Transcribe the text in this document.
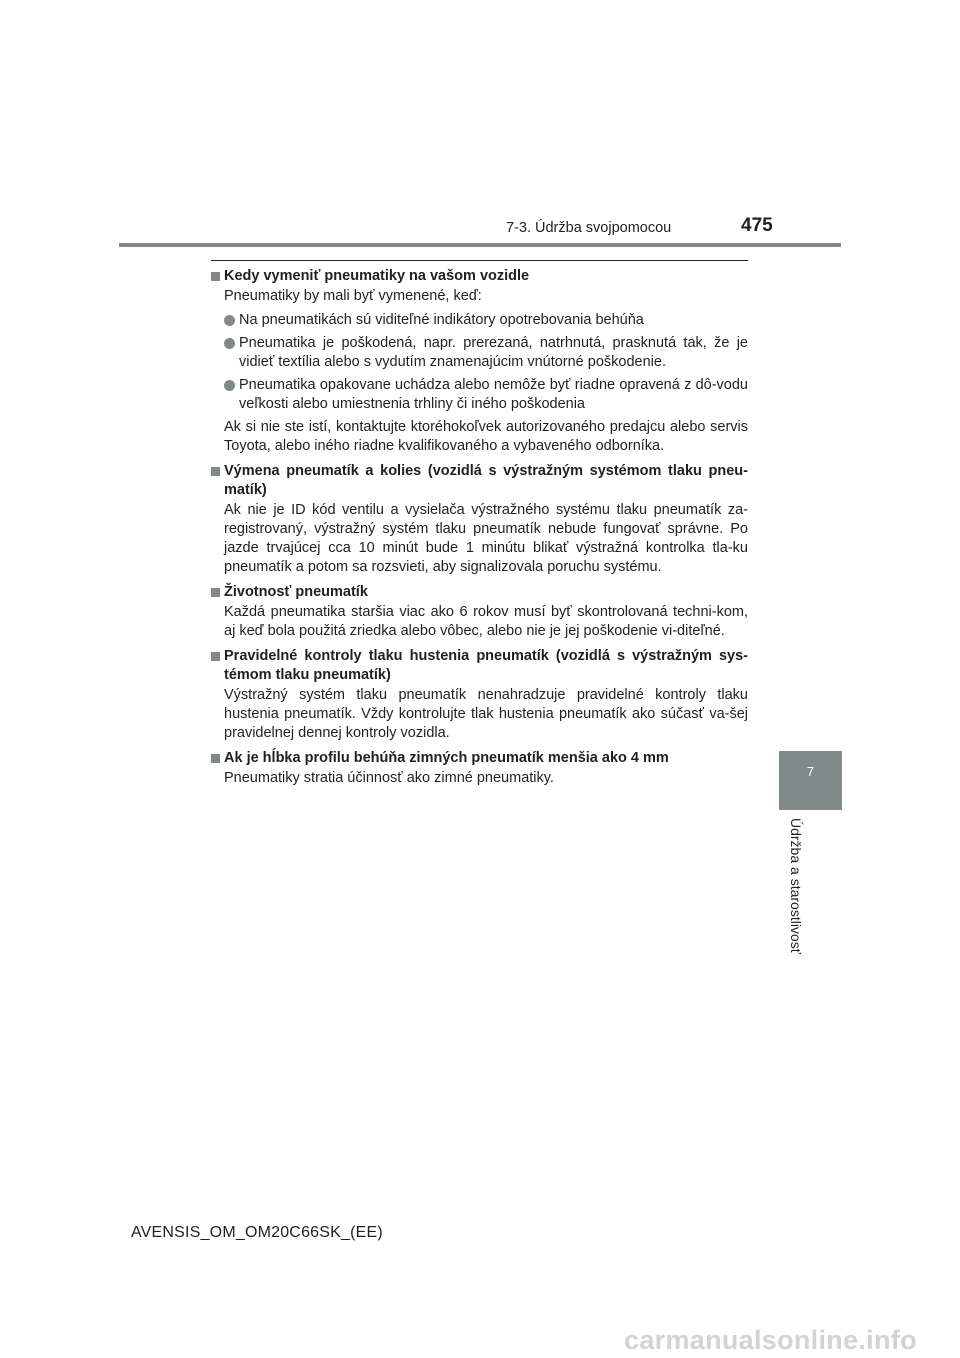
7-3. Údržba svojpomocou	475
Kedy vymeniť pneumatiky na vašom vozidle

Pneumatiky by mali byť vymenené, keď:

Na pneumatikách sú viditeľné indikátory opotrebovania behúňa
Pneumatika je poškodená, napr. prerezaná, natrhnutá, prasknutá tak, že je vidieť textília alebo s vydutím znamenajúcim vnútorné poškodenie.
Pneumatika opakovane uchádza alebo nemôže byť riadne opravená z dô-vodu veľkosti alebo umiestnenia trhliny či iného poškodenia

Ak si nie ste istí, kontaktujte ktoréhokoľvek autorizovaného predajcu alebo servis Toyota, alebo iného riadne kvalifikovaného a vybaveného odborníka.

Výmena pneumatík a kolies (vozidlá s výstražným systémom tlaku pneu-matík)

Ak nie je ID kód ventilu a vysielača výstražného systému tlaku pneumatík za-registrovaný, výstražný systém tlaku pneumatík nebude fungovať správne. Po jazde trvajúcej cca 10 minút bude 1 minútu blikať výstražná kontrolka tla-ku pneumatík a potom sa rozsvieti, aby signalizovala poruchu systému.

Životnosť pneumatík

Každá pneumatika staršia viac ako 6 rokov musí byť skontrolovaná techni-kom, aj keď bola použitá zriedka alebo vôbec, alebo nie je jej poškodenie vi-diteľné.

Pravidelné kontroly tlaku hustenia pneumatík (vozidlá s výstražným sys-témom tlaku pneumatík)

Výstražný systém tlaku pneumatík nenahradzuje pravidelné kontroly tlaku hustenia pneumatík. Vždy kontrolujte tlak hustenia pneumatík ako súčasť va-šej pravidelnej dennej kontroly vozidla.

Ak je hĺbka profilu behúňa zimných pneumatík menšia ako 4 mm

Pneumatiky stratia účinnosť ako zimné pneumatiky.	7
Údržba a starostlivosť
AVENSIS_OM_OM20C66SK_(EE)
carmanualsonline.info
